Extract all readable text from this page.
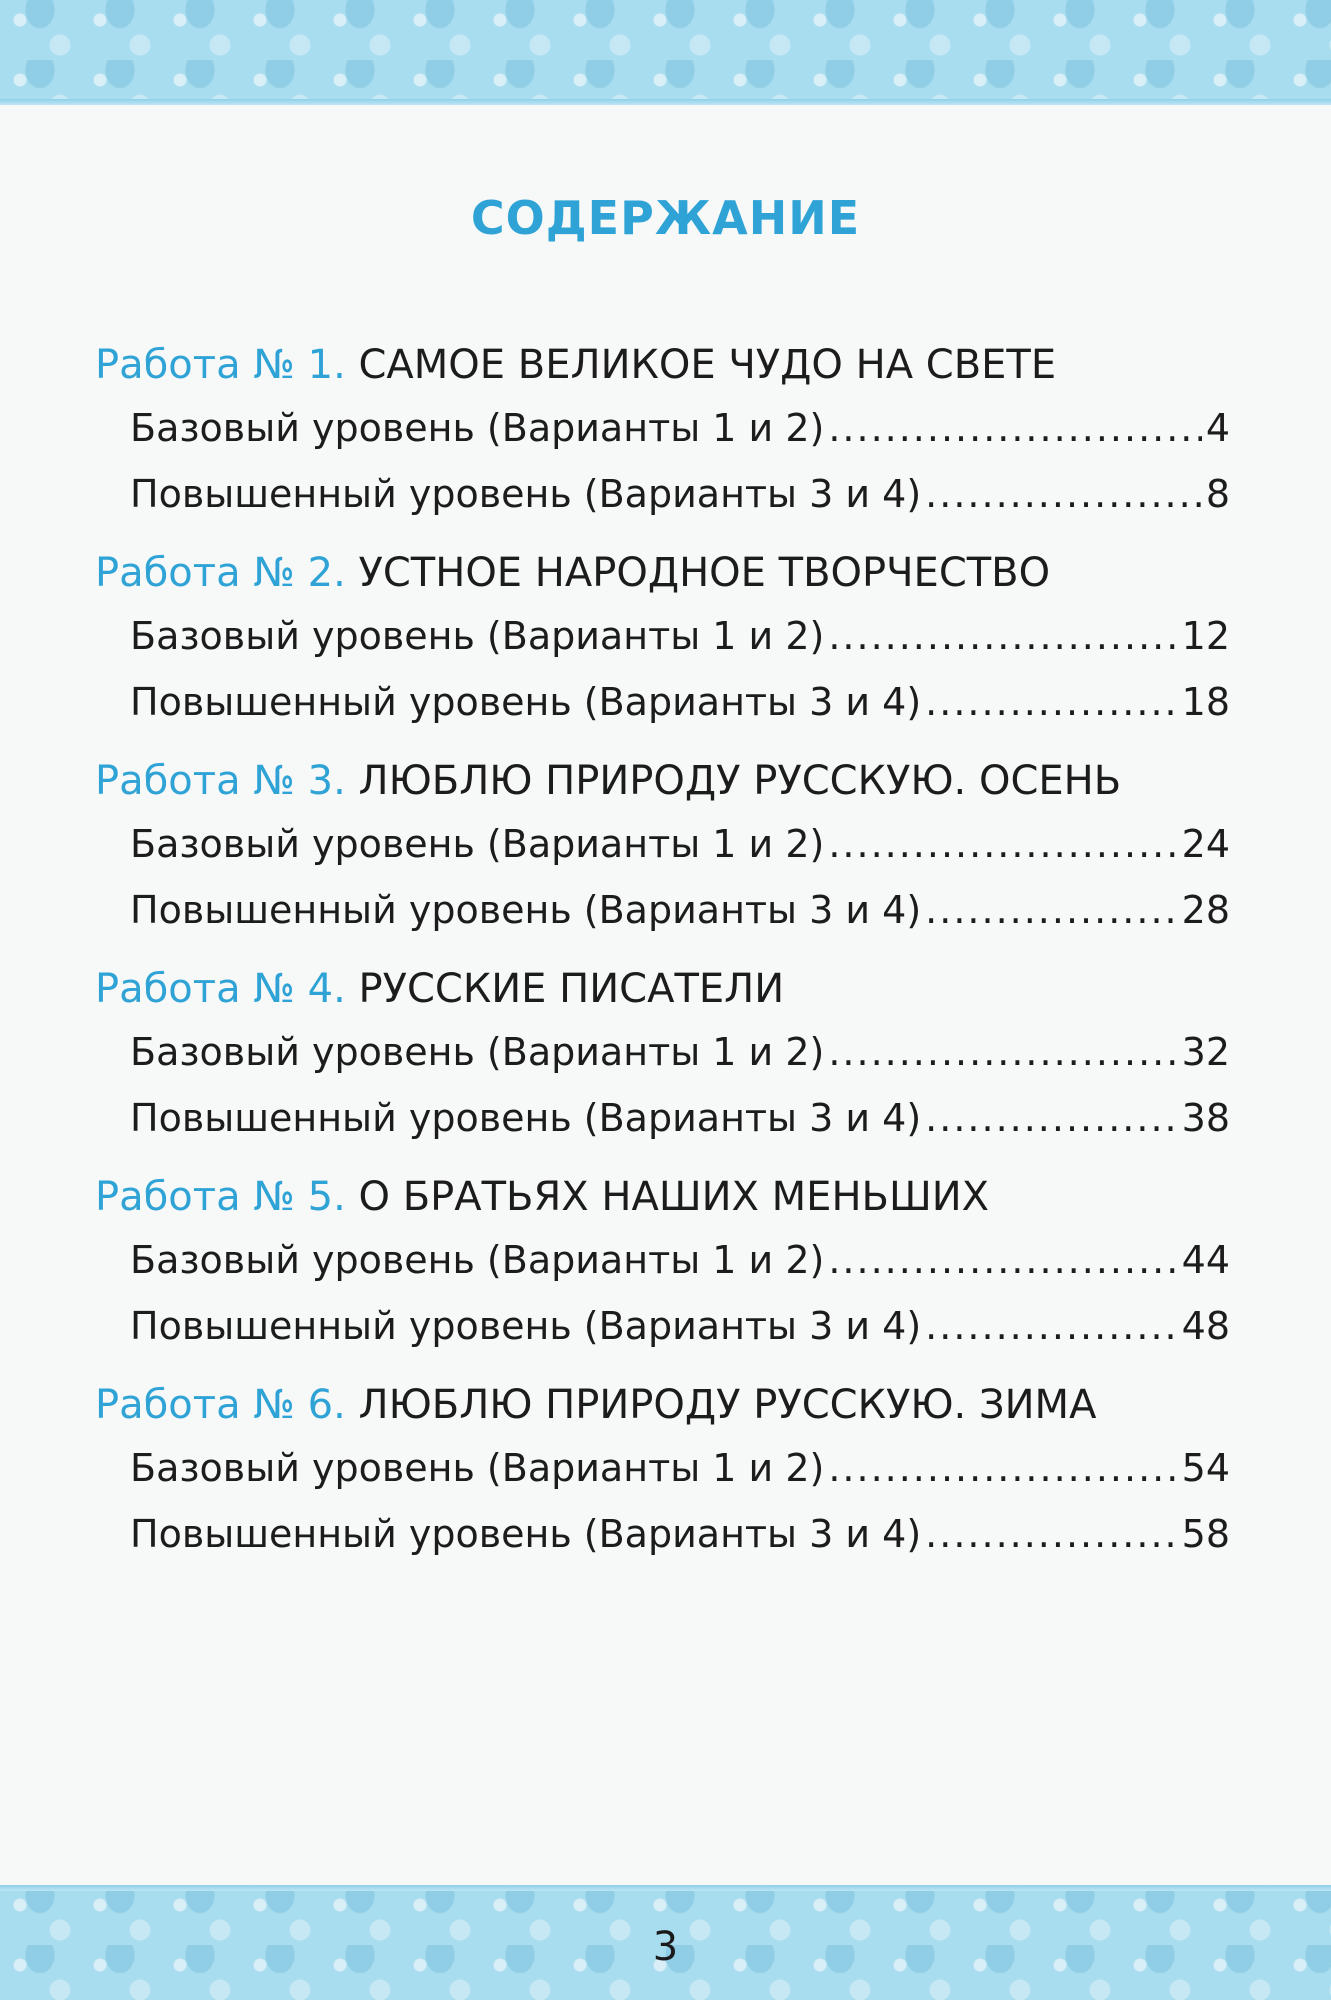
СОДЕРЖАНИЕ
Работа № 1. САМОЕ ВЕЛИКОЕ ЧУДО НА СВЕТЕ
Базовый уровень (Варианты 1 и 2) .....	4
Повышенный уровень (Варианты 3 и 4) .....	8
Работа № 2. УСТНОЕ НАРОДНОЕ ТВОРЧЕСТВО
Базовый уровень (Варианты 1 и 2) .....	12
Повышенный уровень (Варианты 3 и 4) .....	18
Работа № 3. ЛЮБЛЮ ПРИРОДУ РУССКУЮ. ОСЕНЬ
Базовый уровень (Варианты 1 и 2) .....	24
Повышенный уровень (Варианты 3 и 4) .....	28
Работа № 4. РУССКИЕ ПИСАТЕЛИ
Базовый уровень (Варианты 1 и 2) .....	32
Повышенный уровень (Варианты 3 и 4) .....	38
Работа № 5. О БРАТЬЯХ НАШИХ МЕНЬШИХ
Базовый уровень (Варианты 1 и 2) .....	44
Повышенный уровень (Варианты 3 и 4) .....	48
Работа № 6. ЛЮБЛЮ ПРИРОДУ РУССКУЮ. ЗИМА
Базовый уровень (Варианты 1 и 2) .....	54
Повышенный уровень (Варианты 3 и 4) .....	58
3
